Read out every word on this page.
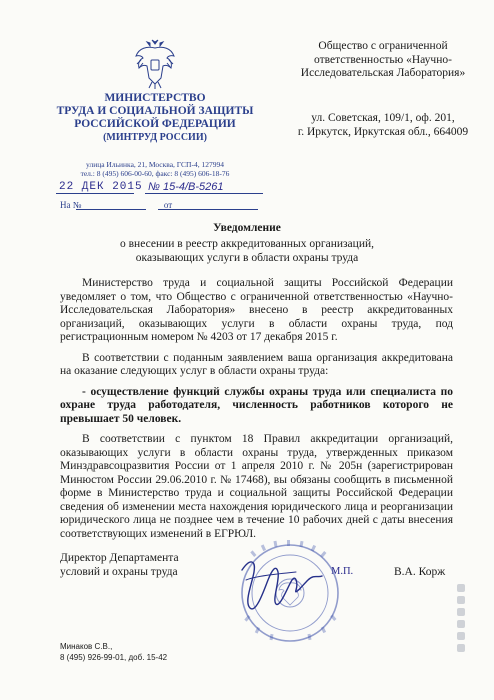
МИНИСТЕРСТВО
ТРУДА И СОЦИАЛЬНОЙ ЗАЩИТЫ
РОССИЙСКОЙ ФЕДЕРАЦИИ
(МИНТРУД РОССИИ)
улица Ильинка, 21, Москва, ГСП-4, 127994
тел.: 8 (495) 606-00-60, факс: 8 (495) 606-18-76
22 ДЕК 2015 № 15-4/В-5261
На №	от
Общество с ограниченной
ответственностью «Научно-
Исследовательская Лаборатория»
ул. Советская, 109/1, оф. 201,
г. Иркутск, Иркутская обл., 664009
Уведомление
о внесении в реестр аккредитованных организаций,
оказывающих услуги в области охраны труда

Министерство труда и социальной защиты Российской Федерации уведомляет о том, что Общество с ограниченной ответственностью «Научно-Исследовательская Лаборатория» внесено в реестр аккредитованных организаций, оказывающих услуги в области охраны труда, под регистрационным номером № 4203 от 17 декабря 2015 г.

В соответствии с поданным заявлением ваша организация аккредитована на оказание следующих услуг в области охраны труда:

- осуществление функций службы охраны труда или специалиста по охране труда работодателя, численность работников которого не превышает 50 человек.

В соответствии с пунктом 18 Правил аккредитации организаций, оказывающих услуги в области охраны труда, утвержденных приказом Минздравсоцразвития России от 1 апреля 2010 г. № 205н (зарегистрирован Минюстом России 29.06.2010 г. № 17468), вы обязаны сообщить в письменной форме в Министерство труда и социальной защиты Российской Федерации сведения об изменении места нахождения юридического лица и реорганизации юридического лица не позднее чем в течение 10 рабочих дней с даты внесения соответствующих изменений в ЕГРЮЛ.

Директор Департамента
условий и охраны труда	М.П.	В.А. Корж
Минаков С.В.,
8 (495) 926-99-01, доб. 15-42
